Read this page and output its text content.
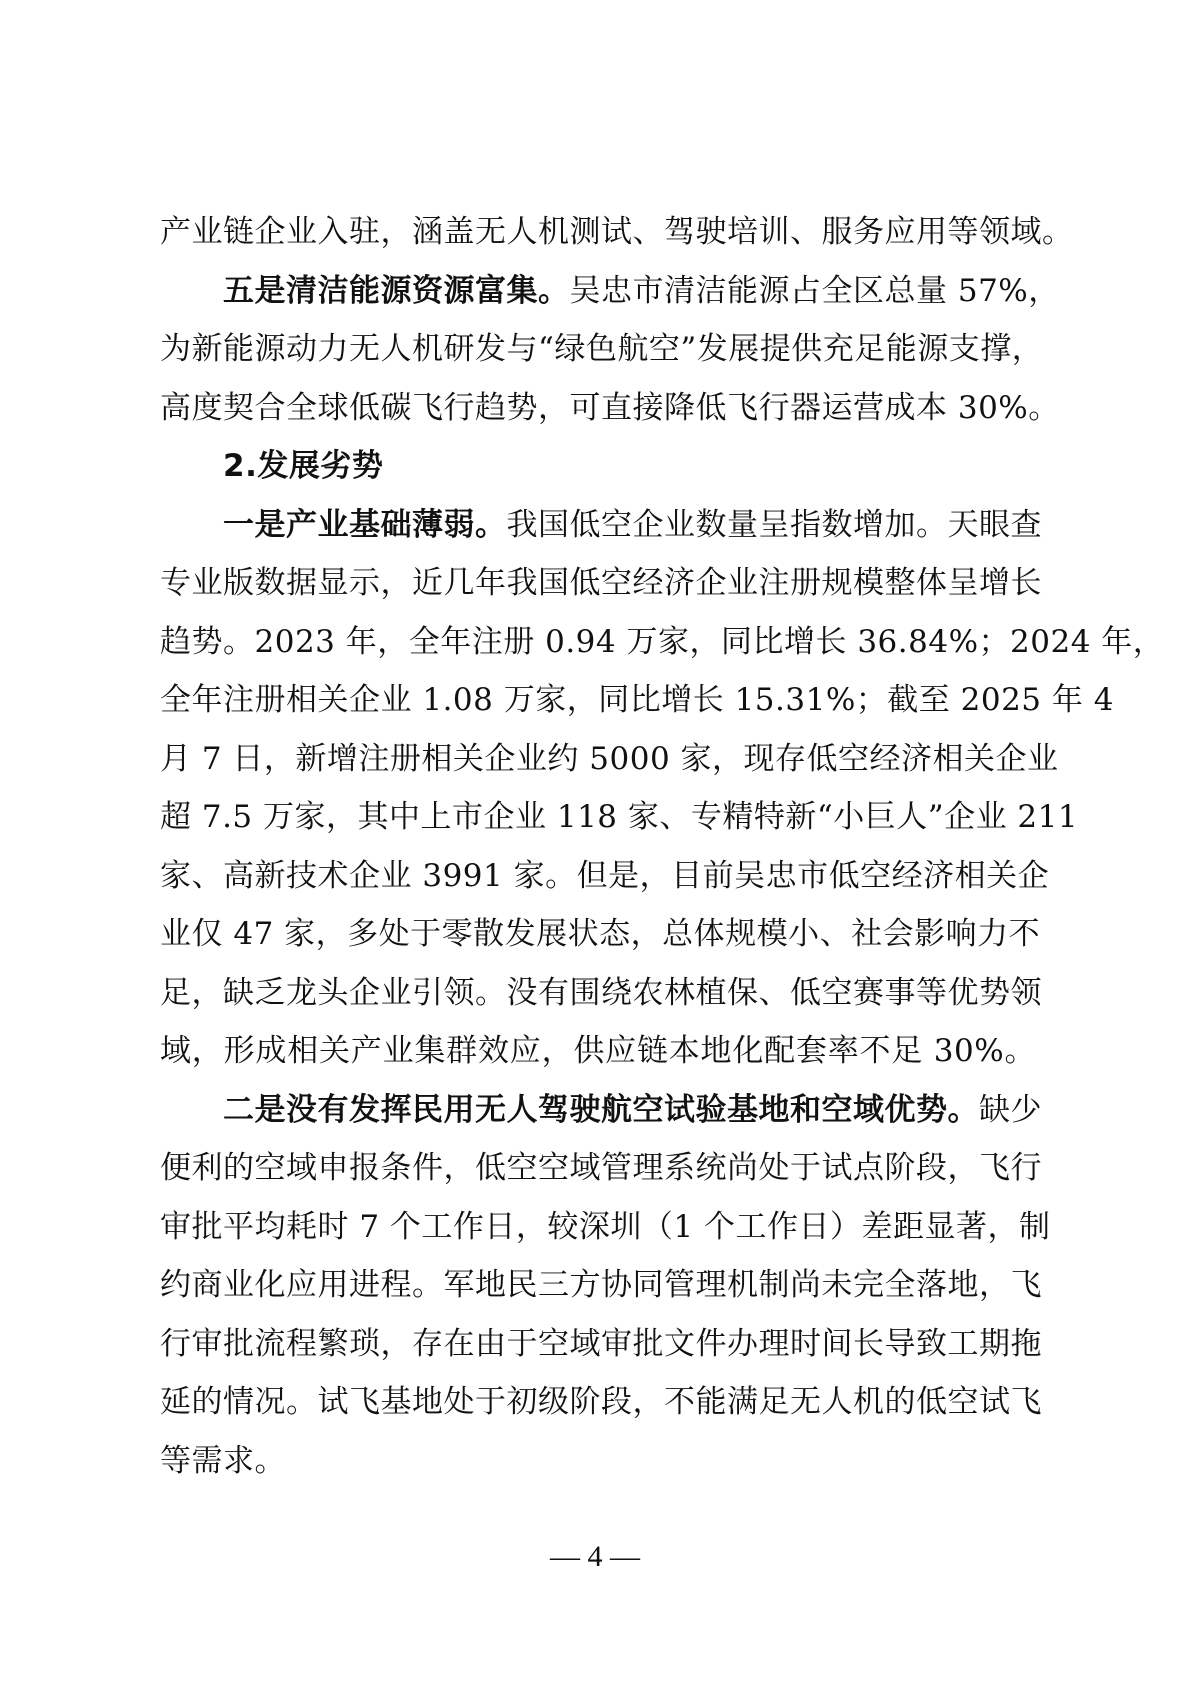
产业链企业入驻，涵盖无人机测试、驾驶培训、服务应用等领域。
五是清洁能源资源富集。吴忠市清洁能源占全区总量 57%，
为新能源动力无人机研发与“绿色航空”发展提供充足能源支撑，
高度契合全球低碳飞行趋势，可直接降低飞行器运营成本 30%。
2.发展劣势
一是产业基础薄弱。我国低空企业数量呈指数增加。天眼查
专业版数据显示，近几年我国低空经济企业注册规模整体呈增长
趋势。2023 年，全年注册 0.94 万家，同比增长 36.84%；2024 年，
全年注册相关企业 1.08 万家，同比增长 15.31%；截至 2025 年 4
月 7 日，新增注册相关企业约 5000 家，现存低空经济相关企业
超 7.5 万家，其中上市企业 118 家、专精特新“小巨人”企业 211
家、高新技术企业 3991 家。但是，目前吴忠市低空经济相关企
业仅 47 家，多处于零散发展状态，总体规模小、社会影响力不
足，缺乏龙头企业引领。没有围绕农林植保、低空赛事等优势领
域，形成相关产业集群效应，供应链本地化配套率不足 30%。
二是没有发挥民用无人驾驶航空试验基地和空域优势。缺少
便利的空域申报条件，低空空域管理系统尚处于试点阶段，飞行
审批平均耗时 7 个工作日，较深圳（1 个工作日）差距显著，制
约商业化应用进程。军地民三方协同管理机制尚未完全落地，飞
行审批流程繁琐，存在由于空域审批文件办理时间长导致工期拖
延的情况。试飞基地处于初级阶段，不能满足无人机的低空试飞
等需求。
— 4 —
